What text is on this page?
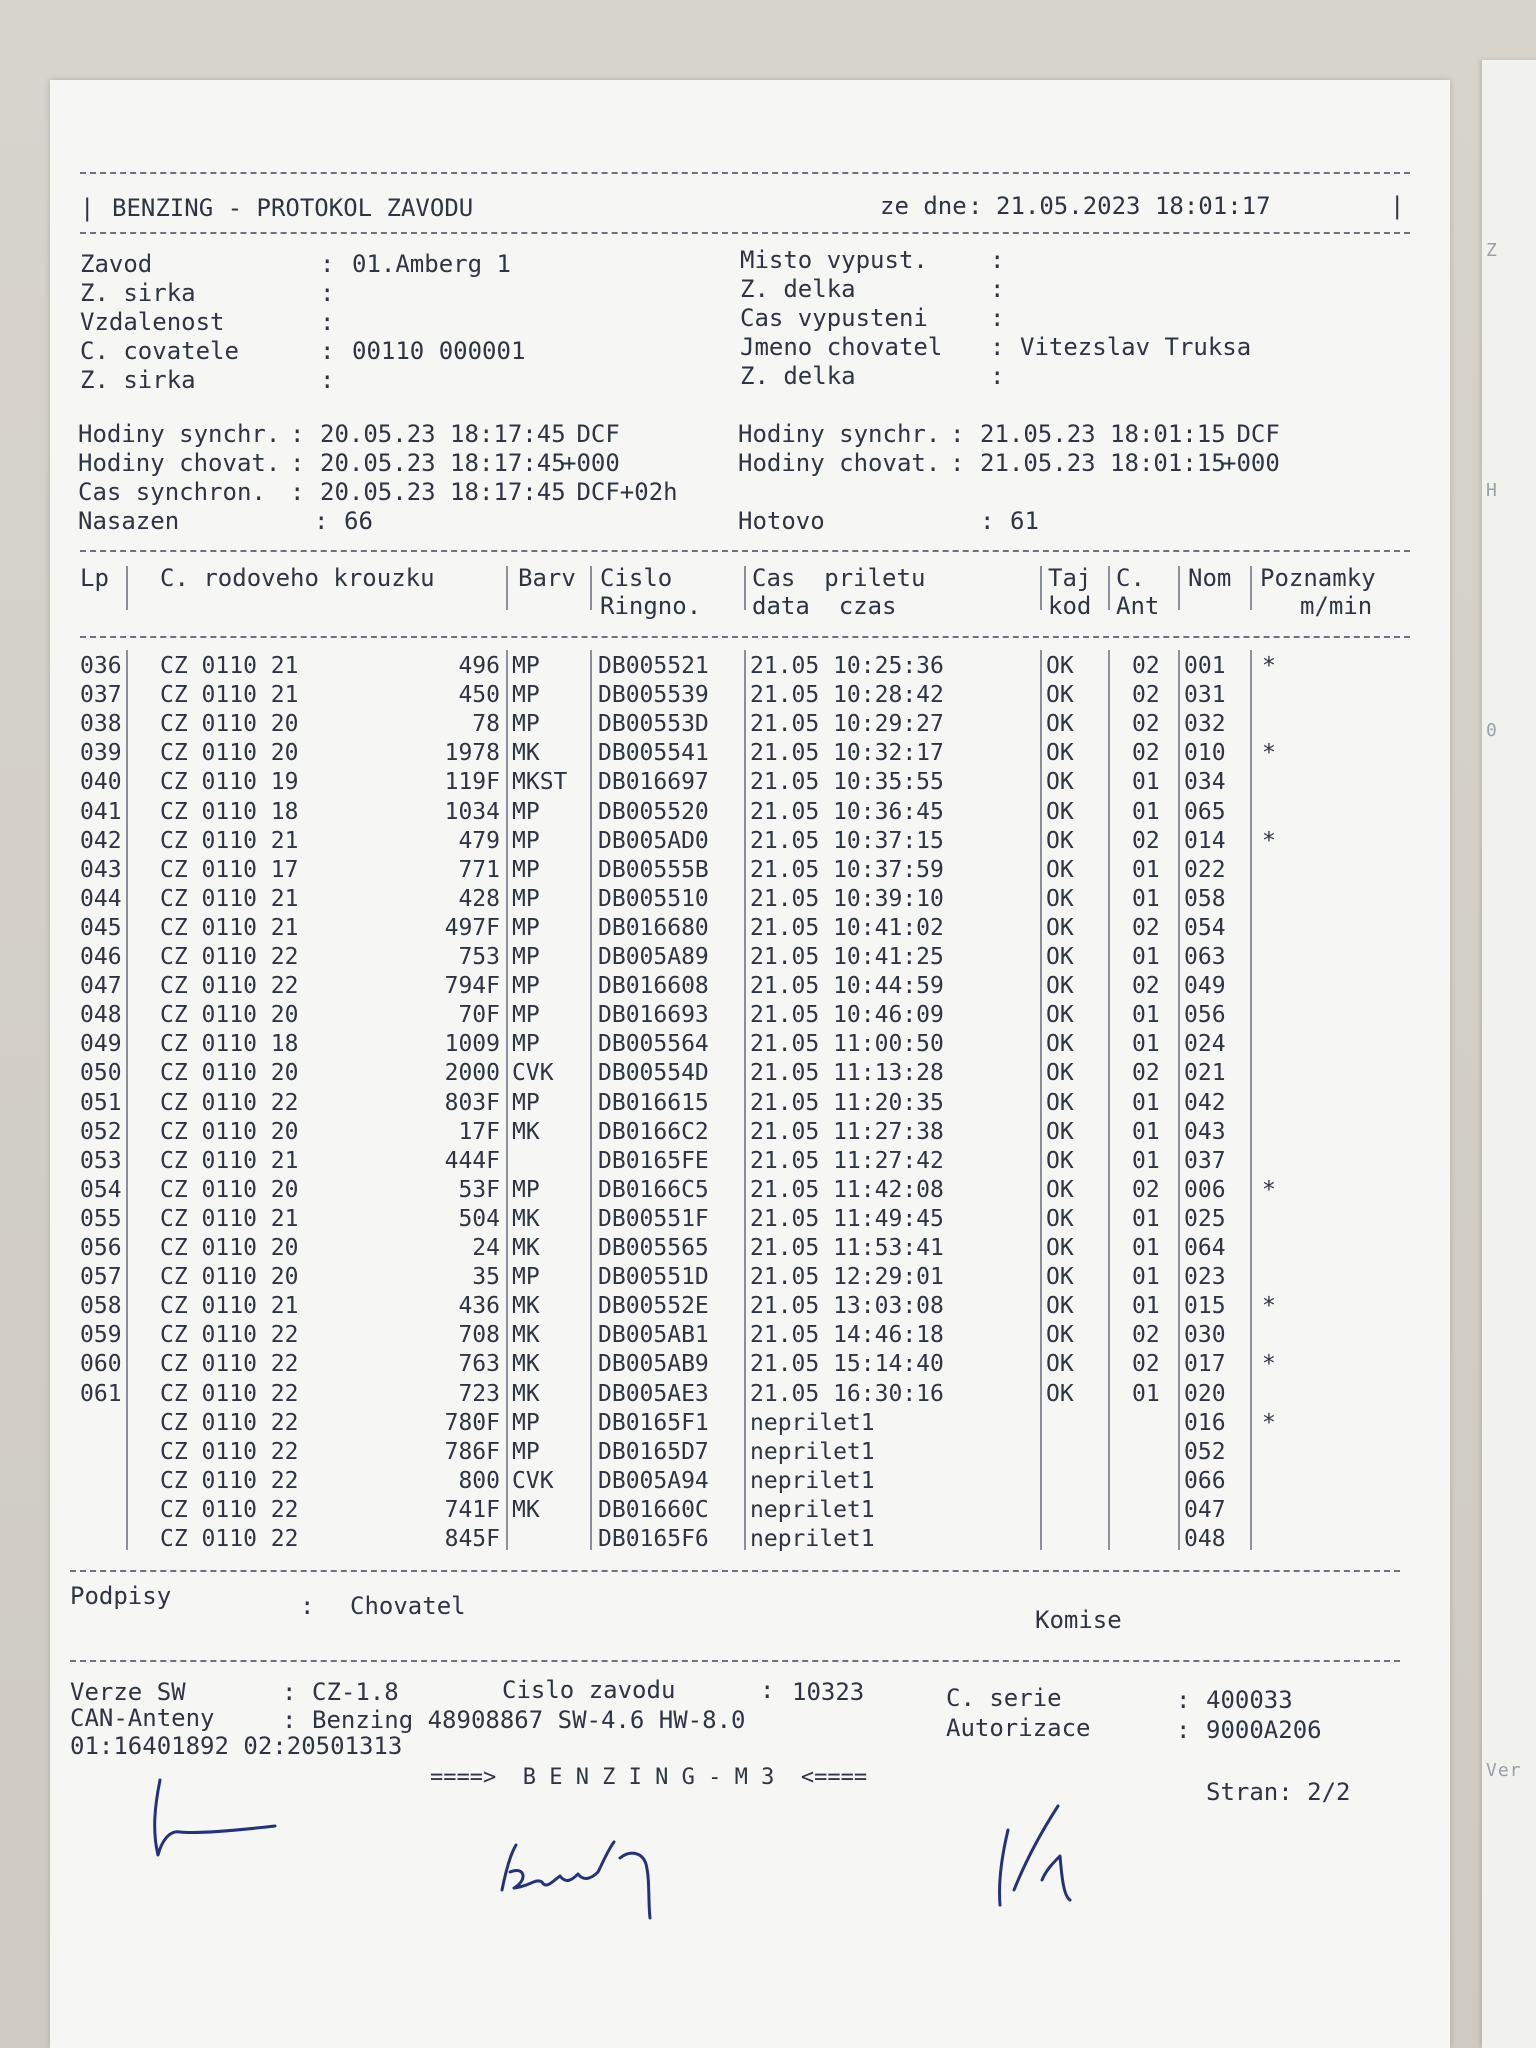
Z
H
0
Ver
| BENZING - PROTOKOL ZAVODU	ze dne : 21.05.2023 18:01:17	|
Zavod	: 01.Amberg 1
Z. sirka	:
Vzdalenost	:
C. covatele	: 00110 000001
Z. sirka	:
Misto vypust.	:
Z. delka	:
Cas vypusteni	:
Jmeno chovatel : Vitezslav Truksa
Z. delka	:
Hodiny synchr. : 20.05.23 18:17:45
DCF
Hodiny chovat. : 20.05.23 18:17:45
+000
Cas synchron. : 20.05.23 18:17:45
DCF+02h
Nasazen	: 66
Hodiny synchr. : 21.05.23 18:01:15
DCF
Hodiny chovat. : 21.05.23 18:01:15
+000
Hotovo	: 61
Lp C. rodoveho krouzku	Barv Cislo
Ringno.
Cas  priletu
data  czas
Taj
kod
C.
Ant
Nom Poznamky
m/min
036 CZ 0110 21	496 MP	DB005521 21.05 10:25:36	OK	02 001 *
037 CZ 0110 21	450 MP	DB005539 21.05 10:28:42	OK	02 031
038 CZ 0110 20	78 MP	DB00553D 21.05 10:29:27	OK	02 032
039 CZ 0110 20	1978 MK	DB005541 21.05 10:32:17	OK	02 010 *
040 CZ 0110 19	119F MKST DB016697 21.05 10:35:55	OK	01 034
041 CZ 0110 18	1034 MP	DB005520 21.05 10:36:45	OK	01 065
042 CZ 0110 21	479 MP	DB005AD0 21.05 10:37:15	OK	02 014 *
043 CZ 0110 17	771 MP	DB00555B 21.05 10:37:59	OK	01 022
044 CZ 0110 21	428 MP	DB005510 21.05 10:39:10	OK	01 058
045 CZ 0110 21	497F MP	DB016680 21.05 10:41:02	OK	02 054
046 CZ 0110 22	753 MP	DB005A89 21.05 10:41:25	OK	01 063
047 CZ 0110 22	794F MP	DB016608 21.05 10:44:59	OK	02 049
048 CZ 0110 20	70F MP	DB016693 21.05 10:46:09	OK	01 056
049 CZ 0110 18	1009 MP	DB005564 21.05 11:00:50	OK	01 024
050 CZ 0110 20	2000 CVK DB00554D 21.05 11:13:28	OK	02 021
051 CZ 0110 22	803F MP	DB016615 21.05 11:20:35	OK	01 042
052 CZ 0110 20	17F MK	DB0166C2 21.05 11:27:38	OK	01 043
053 CZ 0110 21	444F	DB0165FE 21.05 11:27:42	OK	01 037
054 CZ 0110 20	53F MP	DB0166C5 21.05 11:42:08	OK	02 006 *
055 CZ 0110 21	504 MK	DB00551F 21.05 11:49:45	OK	01 025
056 CZ 0110 20	24 MK	DB005565 21.05 11:53:41	OK	01 064
057 CZ 0110 20	35 MP	DB00551D 21.05 12:29:01	OK	01 023
058 CZ 0110 21	436 MK	DB00552E 21.05 13:03:08	OK	01 015 *
059 CZ 0110 22	708 MK	DB005AB1 21.05 14:46:18	OK	02 030
060 CZ 0110 22	763 MK	DB005AB9 21.05 15:14:40	OK	02 017 *
061 CZ 0110 22	723 MK	DB005AE3 21.05 16:30:16	OK	01 020
CZ 0110 22	780F MP	DB0165F1 neprilet1	016 *
CZ 0110 22	786F MP	DB0165D7 neprilet1	052
CZ 0110 22	800 CVK DB005A94 neprilet1	066
CZ 0110 22	741F MK	DB01660C neprilet1	047
CZ 0110 22	845F	DB0165F6 neprilet1	048
Podpisy	: Chovatel	Komise
Verze SW	: CZ-1.8	Cislo zavodu	: 10323	C. serie	: 400033
CAN-Anteny	: Benzing 48908867 SW-4.6 HW-8.0	Autorizace	: 9000A206
01:16401892 02:20501313
====>  B E N Z I N G - M 3  <====
Stran: 2/2
